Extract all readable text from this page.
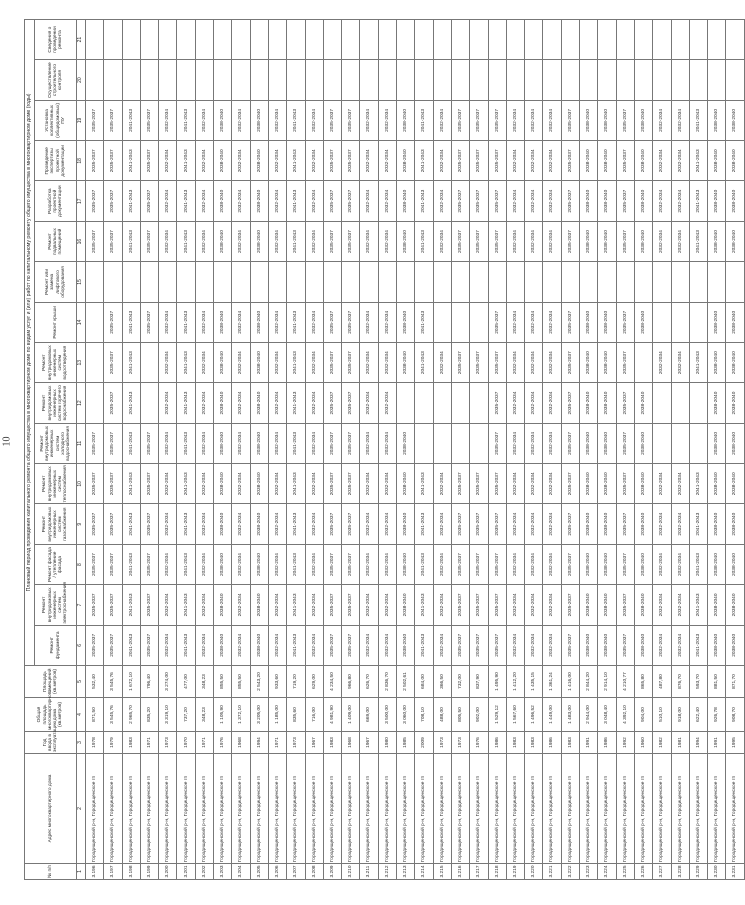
10
№ п/п	Адрес многоквартирного дома	Год ввода в эксплуатацию	Общая площадь многоквартирного дома (кв.метров)	Площадь помещений (кв.метров)	Плановый период проведения капитального ремонта общего имущества в многоквартирном доме по видам услуг и (или) работ по капитальному ремонту общего имущества в многоквартирном доме (годы)															
					Ремонт фундамента	Ремонт внутридомовых инженерных систем электроснабжения	Ремонт фасада / утепление фасада	Ремонт внутридомовых инженерных систем газоснабжения	Ремонт внутридомовых инженерных систем теплоснабжения	Ремонт внутридомовых инженерных систем холодного водоснабжения	Ремонт внутридомовых инженерных систем горячего водоснабжения	Ремонт внутридомовых инженерных систем водоотведения	Ремонт крыши	Ремонт или замена лифтового оборудования	Ремонт подвальных помещений	Разработка проектной документации	Проведение экспертизы проектной документации	Установка коллективных (общедомовых) ПУ	Осуществление строительного контроля	Сведения о проведении ремонта
1	2	3	4	5	6	7	8	9	10	11	12	13	14	15	16	17	18	19	20	21
3.196	Городищенский р-н, Городищенское гп	1978	871,50	532,40	2035-2037	2035-2037	2035-2037	2035-2037	2035-2037	2035-2037					2035-2037	2035-2037	2035-2037	2035-2037		
3.197	Городищенский р-н, Городищенское гп	1979	3 545,76	3 545,76	2035-2037	2035-2037	2035-2037	2035-2037	2035-2037	2035-2037	2035-2037	2035-2037	2035-2037		2035-2037	2035-2037	2035-2037	2035-2037		
3.198	Городищенский р-н, Городищенское гп	1983	2 965,70	1 672,10	2041-2043	2041-2043	2041-2043	2041-2043	2041-2043	2041-2043	2041-2043	2041-2043	2041-2043		2041-2043	2041-2043	2041-2043	2041-2043		
3.199	Городищенский р-н, Городищенское гп	1971	835,20	796,40	2035-2037	2035-2037	2035-2037	2035-2037	2035-2037	2035-2037			2035-2037		2035-2037	2035-2037	2035-2037	2035-2037		
3.200	Городищенский р-н, Городищенское гп	1973	3 319,10	3 274,00	2032-2034	2032-2034	2032-2034	2032-2034	2032-2034	2032-2034	2032-2034	2032-2034	2032-2034		2032-2034	2032-2034	2032-2034	2032-2034		
3.201	Городищенский р-н, Городищенское гп	1970	737,20	477,00	2041-2043	2041-2043	2041-2043	2041-2043	2041-2043	2041-2043	2041-2043	2041-2043	2041-2043		2041-2043	2041-2043	2041-2043	2041-2043		
3.202	Городищенский р-н, Городищенское гп	1971	348,23	348,23	2032-2034	2032-2034	2032-2034	2032-2034	2032-2034	2032-2034	2032-2034	2032-2034	2032-2034		2032-2034	2032-2034	2032-2034	2032-2034		
3.203	Городищенский р-н, Городищенское гп	1976	1 105,90	855,50	2038-2040	2038-2040	2038-2040	2038-2040	2038-2040	2038-2040	2038-2040	2038-2040	2038-2040		2038-2040	2038-2040	2038-2040	2038-2040		
3.204	Городищенский р-н, Городищенское гп	1968	1 372,10	855,50	2032-2034	2032-2034	2032-2034	2032-2034	2032-2034	2032-2034	2032-2034	2032-2034	2032-2034		2032-2034	2032-2034	2032-2034	2032-2034		
3.205	Городищенский р-н, Городищенское гп	1994	3 205,00	2 543,20	2038-2040	2038-2040	2038-2040	2038-2040	2038-2040	2038-2040	2038-2040	2038-2040	2038-2040		2038-2040	2038-2040	2038-2040	2038-2040		
3.206	Городищенский р-н, Городищенское гп	1971	1 185,00	933,60	2032-2034	2032-2034	2032-2034	2032-2034	2032-2034	2032-2034	2032-2034	2032-2034	2032-2034		2032-2034	2032-2034	2032-2034	2032-2034		
3.207	Городищенский р-н, Городищенское гп	1973	835,60	719,20	2041-2043	2041-2043	2041-2043	2041-2043	2041-2043	2041-2043	2041-2043	2041-2043	2041-2043		2041-2043	2041-2043	2041-2043	2041-2043		
3.208	Городищенский р-н, Городищенское гп	1967	716,00	629,00	2032-2034	2032-2034	2032-2034	2032-2034	2032-2034	2032-2034	2032-2034	2032-2034	2032-2034		2032-2034	2032-2034	2032-2034	2032-2034		
3.209	Городищенский р-н, Городищенское гп	1983	4 981,90	4 234,50	2035-2037	2035-2037	2035-2037	2035-2037	2035-2037	2035-2037	2035-2037	2035-2037	2035-2037		2035-2037	2035-2037	2035-2037	2035-2037		
3.210	Городищенский р-н, Городищенское гп	1968	1 409,00	966,80	2035-2037	2035-2037	2035-2037	2035-2037	2035-2037	2035-2037	2035-2037	2035-2037	2035-2037		2035-2037	2035-2037	2035-2037	2035-2037		
3.211	Городищенский р-н, Городищенское гп	1967	669,00	626,70	2032-2034	2032-2034	2032-2034	2032-2034	2032-2034	2032-2034	2032-2034	2032-2034	2032-2034		2032-2034	2032-2034	2032-2034	2032-2034		
3.212	Городищенский р-н, Городищенское гп	1980	3 500,00	2 836,70	2032-2034	2032-2034	2032-2034	2032-2034	2032-2034	2032-2034	2032-2034	2032-2034	2032-2034		2032-2034	2032-2034	2032-2034	2032-2034		
3.213	Городищенский р-н, Городищенское гп	1985	3 060,00	2 502,61	2038-2040	2038-2040	2038-2040	2038-2040	2038-2040	2038-2040		2038-2040	2038-2040		2038-2040	2038-2040	2038-2040	2038-2040		
3.214	Городищенский р-н, Городищенское гп	2009	708,10	684,00	2041-2043	2041-2043	2041-2043	2041-2043	2041-2043			2041-2043	2041-2043		2041-2043	2041-2043	2041-2043	2041-2043		
3.215	Городищенский р-н, Городищенское гп	1973	488,00	366,50	2032-2034	2032-2034	2032-2034	2032-2034	2032-2034			2032-2034			2032-2034	2032-2034	2032-2034	2032-2034		
3.216	Городищенский р-н, Городищенское гп	1973	805,50	732,00	2035-2037	2035-2037	2035-2037	2035-2037	2035-2037			2035-2037			2035-2037	2035-2037	2035-2037	2035-2037		
3.217	Городищенский р-н, Городищенское гп	1976	902,00	837,90	2035-2037	2035-2037	2035-2037	2035-2037	2035-2037			2035-2037			2035-2037	2035-2037	2035-2037	2035-2037		
3.218	Городищенский р-н, Городищенское гп	1986	1 529,12	1 495,90	2035-2037	2035-2037	2035-2037	2035-2037	2035-2037	2035-2037	2035-2037	2035-2037	2035-2037		2035-2037	2035-2037	2035-2037	2035-2037		
3.219	Городищенский р-н, Городищенское гп	1983	1 567,60	1 412,20	2032-2034	2032-2034	2032-2034	2032-2034	2032-2034	2032-2034	2032-2034	2032-2034	2032-2034		2032-2034	2032-2034	2032-2034	2032-2034		
3.220	Городищенский р-н, Городищенское гп	1983	1 496,52	1 435,15	2032-2034	2032-2034	2032-2034	2032-2034	2032-2034	2032-2034	2032-2034	2032-2034	2032-2034		2032-2034	2032-2034	2032-2034	2032-2034		
3.221	Городищенский р-н, Городищенское гп	1986	1 449,00	1 361,24	2032-2034	2032-2034	2032-2034	2032-2034	2032-2034	2032-2034	2032-2034	2032-2034	2032-2034		2032-2034	2032-2034	2032-2034	2032-2034		
3.222	Городищенский р-н, Городищенское гп	1983	1 483,00	1 416,00	2035-2037	2035-2037	2035-2037	2035-2037	2035-2037	2035-2037	2035-2037	2035-2037	2035-2037		2035-2037	2035-2037	2035-2037	2035-2037		
3.223	Городищенский р-н, Городищенское гп	1991	2 944,00	2 844,20	2038-2040	2038-2040	2038-2040	2038-2040	2038-2040	2038-2040	2038-2040	2038-2040	2038-2040		2038-2040	2038-2040	2038-2040	2038-2040		
3.224	Городищенский р-н, Городищенское гп	1986	3 048,40	2 914,10	2038-2040	2038-2040	2038-2040	2038-2040	2038-2040	2038-2040	2038-2040	2038-2040	2038-2040		2038-2040	2038-2040	2038-2040	2038-2040		
3.225	Городищенский р-н, Городищенское гп	1992	4 392,10	4 210,77	2035-2037	2035-2037	2035-2037	2035-2037	2035-2037	2035-2037	2035-2037	2035-2037	2035-2037		2035-2037	2035-2037	2035-2037	2035-2037		
3.226	Городищенский р-н, Городищенское гп	1960	904,00	865,80	2038-2040	2038-2040	2038-2040	2038-2040	2038-2040	2038-2040	2038-2040		2038-2040		2038-2040	2038-2040	2038-2040	2038-2040		
3.227	Городищенский р-н, Городищенское гп	1982	510,10	487,80	2032-2034	2032-2034	2032-2034	2032-2034	2032-2034			2032-2034			2032-2034	2032-2034	2032-2034	2032-2034		
3.228	Городищенский р-н, Городищенское гп	1981	918,00	876,70	2032-2034	2032-2034	2032-2034	2032-2034	2032-2034			2032-2034			2032-2034	2032-2034	2032-2034	2032-2034		
3.229	Городищенский р-н, Городищенское гп	1994	622,40	593,70	2041-2043	2041-2043	2041-2043	2041-2043	2041-2043			2041-2043			2041-2043	2041-2043	2041-2043	2041-2043		
3.230	Городищенский р-н, Городищенское гп	1991	926,78	881,50	2038-2040	2038-2040	2038-2040	2038-2040	2038-2040	2038-2040	2038-2040	2038-2040	2038-2040		2038-2040	2038-2040	2038-2040	2038-2040		
3.231	Городищенский р-н, Городищенское гп	1995	908,70	871,70	2038-2040	2038-2040	2038-2040	2038-2040	2038-2040	2038-2040	2038-2040	2038-2040	2038-2040		2038-2040	2038-2040	2038-2040	2038-2040		
